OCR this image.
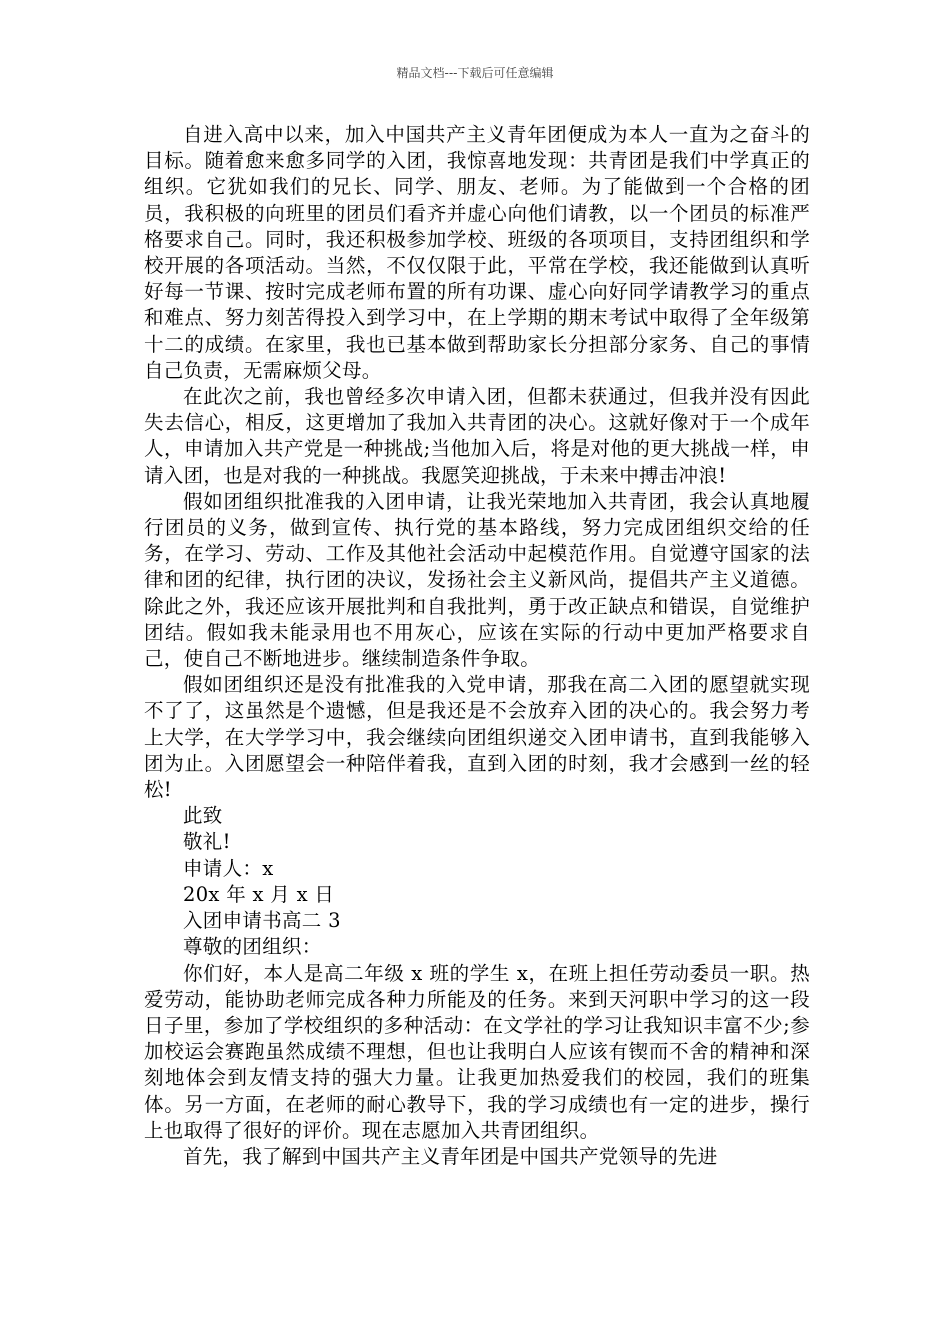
精品文档---下载后可任意编辑

自进入高中以来，加入中国共产主义青年团便成为本人一直为之奋斗的目标。随着愈来愈多同学的入团，我惊喜地发现：共青团是我们中学真正的组织。它犹如我们的兄长、同学、朋友、老师。为了能做到一个合格的团员，我积极的向班里的团员们看齐并虚心向他们请教，以一个团员的标准严格要求自己。同时，我还积极参加学校、班级的各项项目，支持团组织和学校开展的各项活动。当然，不仅仅限于此，平常在学校，我还能做到认真听好每一节课、按时完成老师布置的所有功课、虚心向好同学请教学习的重点和难点、努力刻苦得投入到学习中，在上学期的期末考试中取得了全年级第十二的成绩。在家里，我也已基本做到帮助家长分担部分家务、自己的事情自己负责，无需麻烦父母。

在此次之前，我也曾经多次申请入团，但都未获通过，但我并没有因此失去信心，相反，这更增加了我加入共青团的决心。这就好像对于一个成年人，申请加入共产党是一种挑战;当他加入后，将是对他的更大挑战一样，申请入团，也是对我的一种挑战。我愿笑迎挑战，于未来中搏击冲浪!

假如团组织批准我的入团申请，让我光荣地加入共青团，我会认真地履行团员的义务，做到宣传、执行党的基本路线，努力完成团组织交给的任务，在学习、劳动、工作及其他社会活动中起模范作用。自觉遵守国家的法律和团的纪律，执行团的决议，发扬社会主义新风尚，提倡共产主义道德。除此之外，我还应该开展批判和自我批判，勇于改正缺点和错误，自觉维护团结。假如我未能录用也不用灰心，应该在实际的行动中更加严格要求自己，使自己不断地进步。继续制造条件争取。

假如团组织还是没有批准我的入党申请，那我在高二入团的愿望就实现不了了，这虽然是个遗憾，但是我还是不会放弃入团的决心的。我会努力考上大学，在大学学习中，我会继续向团组织递交入团申请书，直到我能够入团为止。入团愿望会一种陪伴着我，直到入团的时刻，我才会感到一丝的轻松!

此致

敬礼!

申请人：x

20x 年 x 月 x 日

入团申请书高二 3

尊敬的团组织：

你们好，本人是高二年级 x 班的学生 x，在班上担任劳动委员一职。热爱劳动，能协助老师完成各种力所能及的任务。来到天河职中学习的这一段日子里，参加了学校组织的多种活动：在文学社的学习让我知识丰富不少;参加校运会赛跑虽然成绩不理想，但也让我明白人应该有锲而不舍的精神和深刻地体会到友情支持的强大力量。让我更加热爱我们的校园，我们的班集体。另一方面，在老师的耐心教导下，我的学习成绩也有一定的进步，操行上也取得了很好的评价。现在志愿加入共青团组织。

首先，我了解到中国共产主义青年团是中国共产党领导的先进
